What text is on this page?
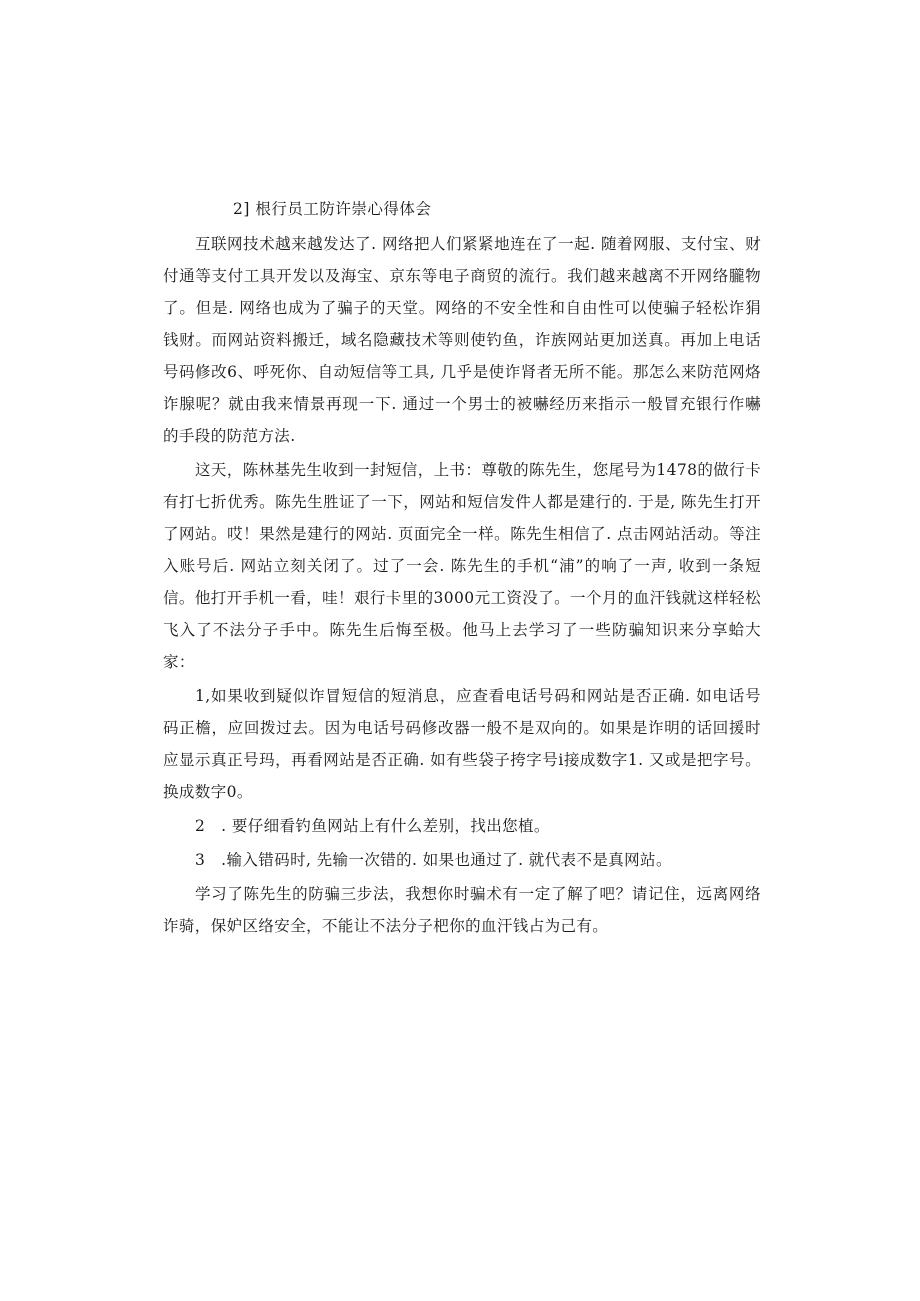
2] 根行员工防许崇心得体会

互联网技术越来越发达了. 网络把人们紧紧地连在了一起. 随着网服、支付宝、财付通等支付工具开发以及海宝、京东等电子商贸的流行。我们越来越离不开网络朧物了。但是. 网络也成为了骗子的天堂。网络的不安全性和自由性可以使骗子轻松诈狷钱财。而网站资料搬迁，域名隐藏技术等则使钓鱼，诈族网站更加送真。再加上电话号码修改6、呼死你、自动短信等工具, 几乎是使诈肾者无所不能。那怎么来防范网烙诈腺呢？就由我来情景再现一下. 通过一个男士的被嚇经历来指示一般冒充银行作嚇的手段的防范方法.

这天，陈林基先生收到一封短信，上书：尊敬的陈先生，您尾号为1478的做行卡有打七折优秀。陈先生胜证了一下，网站和短信发件人都是建行的. 于是, 陈先生打开了网站。哎！果然是建行的网站. 页面完全一样。陈先生相信了. 点击网站活动。等注入账号后. 网站立刻关闭了。过了一会. 陈先生的手机“浦”的响了一声, 收到一条短信。他打开手机一看，哇！艰行卡里的3000元工资没了。一个月的血汗钱就这样轻松飞入了不法分子手中。陈先生后悔至极。他马上去学习了一些防骗知识来分享蛤大家：

1,如果收到疑似诈冒短信的短消息，应查看电话号码和网站是否正确. 如电话号码正檐，应回拨过去。因为电话号码修改器一般不是双向的。如果是诈明的话回援时应显示真正号玛，再看网站是否正确. 如有些袋子挎字号i接成数字1. 又或是把字号。换成数字0。

2　. 要仔细看钓鱼网站上有什么差别，找出您植。

3　.输入错码时, 先输一次错的. 如果也通过了. 就代表不是真网站。

学习了陈先生的防骗三步法，我想你时骗术有一定了解了吧？请记住，远离网络诈骑，保妒区络安全，不能让不法分子杷你的血汗钱占为己有。
